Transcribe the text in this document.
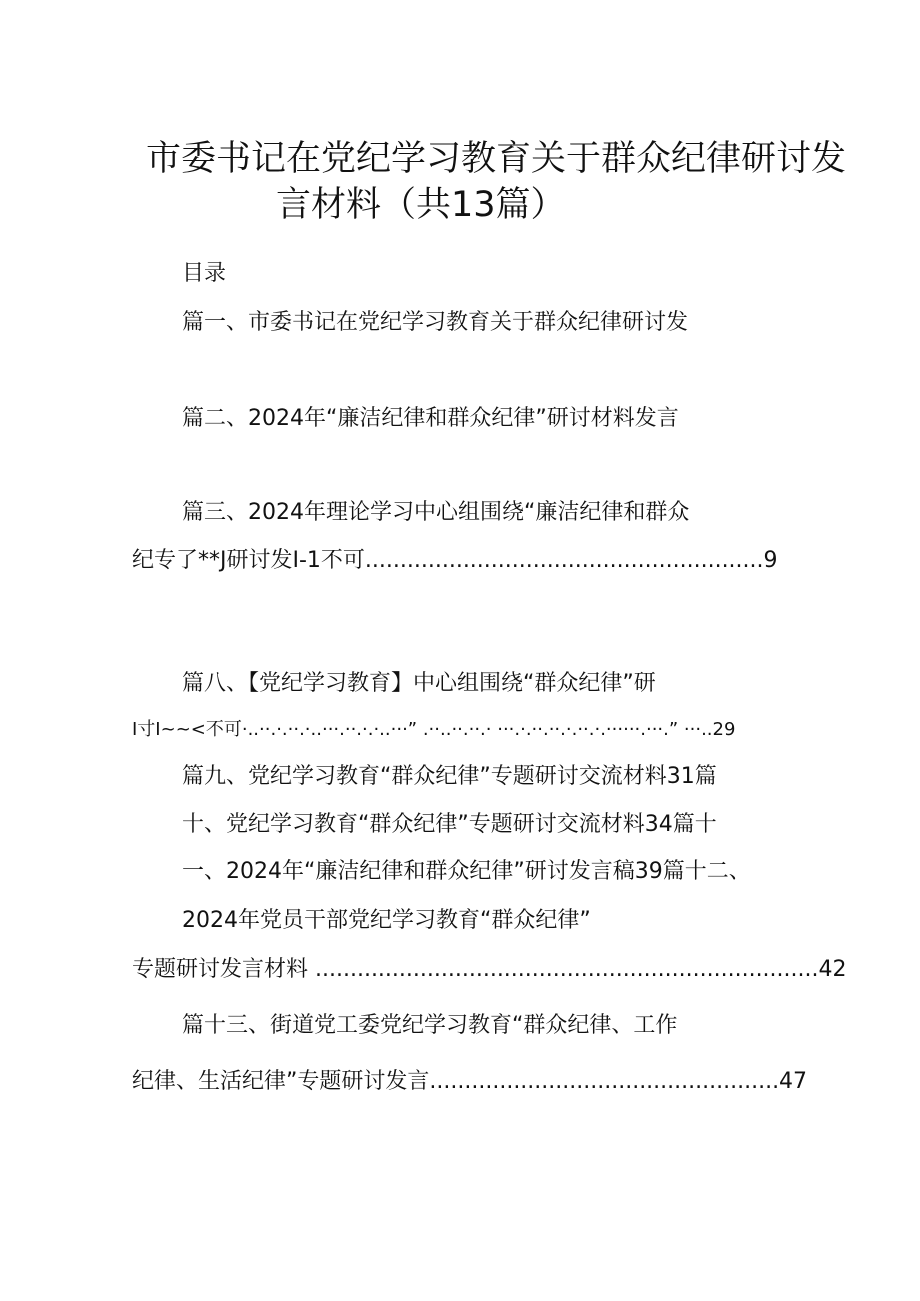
市委书记在党纪学习教育关于群众纪律研讨发
言材料（共13篇）
目录
篇一、市委书记在党纪学习教育关于群众纪律研讨发
篇二、2024年“廉洁纪律和群众纪律”研讨材料发言
篇三、2024年理论学习中心组围绕“廉洁纪律和群众
纪专了**J研讨发I-1不可.........................................................9
篇八、【党纪学习教育】中心组围绕“群众纪律”研
I寸I~~<不可·..··.·.··.·..···.··.·.·..···” .··..··.··.· ···.·.··.··.·.··.·.······.···.” ···..29
篇九、党纪学习教育“群众纪律”专题研讨交流材料31篇
十、党纪学习教育“群众纪律”专题研讨交流材料34篇十
一、2024年“廉洁纪律和群众纪律”研讨发言稿39篇十二、
2024年党员干部党纪学习教育“群众纪律”
专题研讨发言材料 ........................................................................42
篇十三、街道党工委党纪学习教育“群众纪律、工作
纪律、生活纪律”专题研讨发言..................................................47
